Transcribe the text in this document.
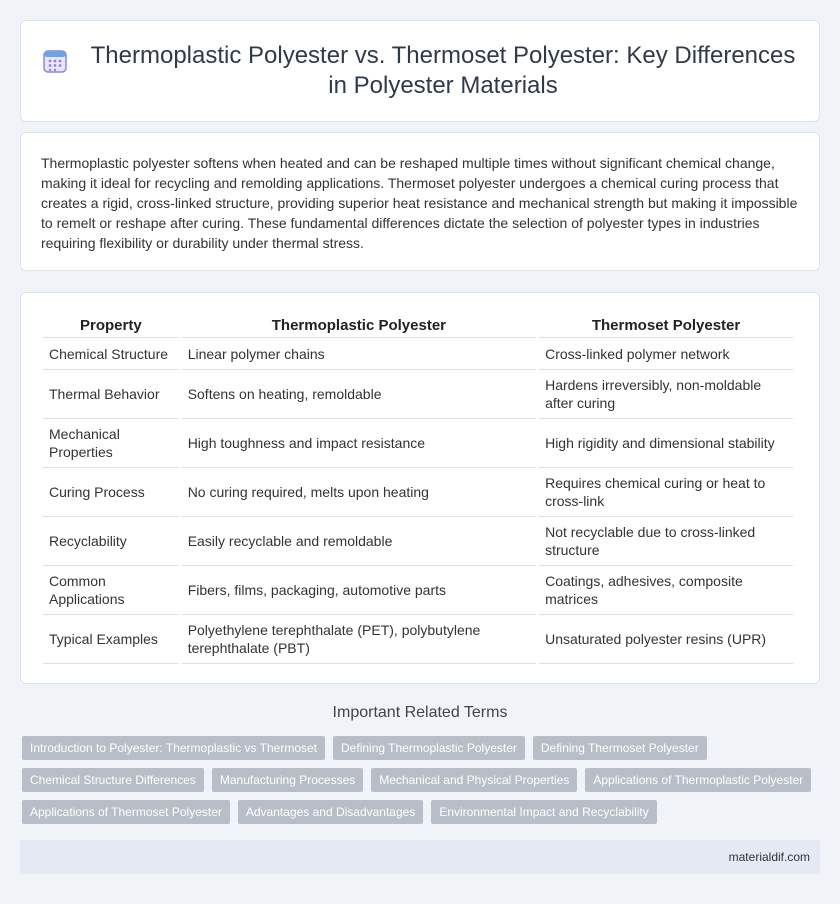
Thermoplastic Polyester vs. Thermoset Polyester: Key Differences in Polyester Materials

Thermoplastic polyester softens when heated and can be reshaped multiple times without significant chemical change, making it ideal for recycling and remolding applications. Thermoset polyester undergoes a chemical curing process that creates a rigid, cross-linked structure, providing superior heat resistance and mechanical strength but making it impossible to remelt or reshape after curing. These fundamental differences dictate the selection of polyester types in industries requiring flexibility or durability under thermal stress.

Property	Thermoplastic Polyester	Thermoset Polyester
Chemical Structure	Linear polymer chains	Cross-linked polymer network
Thermal Behavior	Softens on heating, remoldable	Hardens irreversibly, non-moldable after curing
Mechanical Properties	High toughness and impact resistance	High rigidity and dimensional stability
Curing Process	No curing required, melts upon heating	Requires chemical curing or heat to cross-link
Recyclability	Easily recyclable and remoldable	Not recyclable due to cross-linked structure
Common Applications	Fibers, films, packaging, automotive parts	Coatings, adhesives, composite matrices
Typical Examples	Polyethylene terephthalate (PET), polybutylene terephthalate (PBT)	Unsaturated polyester resins (UPR)
Important Related Terms
Introduction to Polyester: Thermoplastic vs Thermoset	Defining Thermoplastic Polyester	Defining Thermoset Polyester
Chemical Structure Differences	Manufacturing Processes	Mechanical and Physical Properties	Applications of Thermoplastic Polyester
Applications of Thermoset Polyester	Advantages and Disadvantages	Environmental Impact and Recyclability
materialdif.com
